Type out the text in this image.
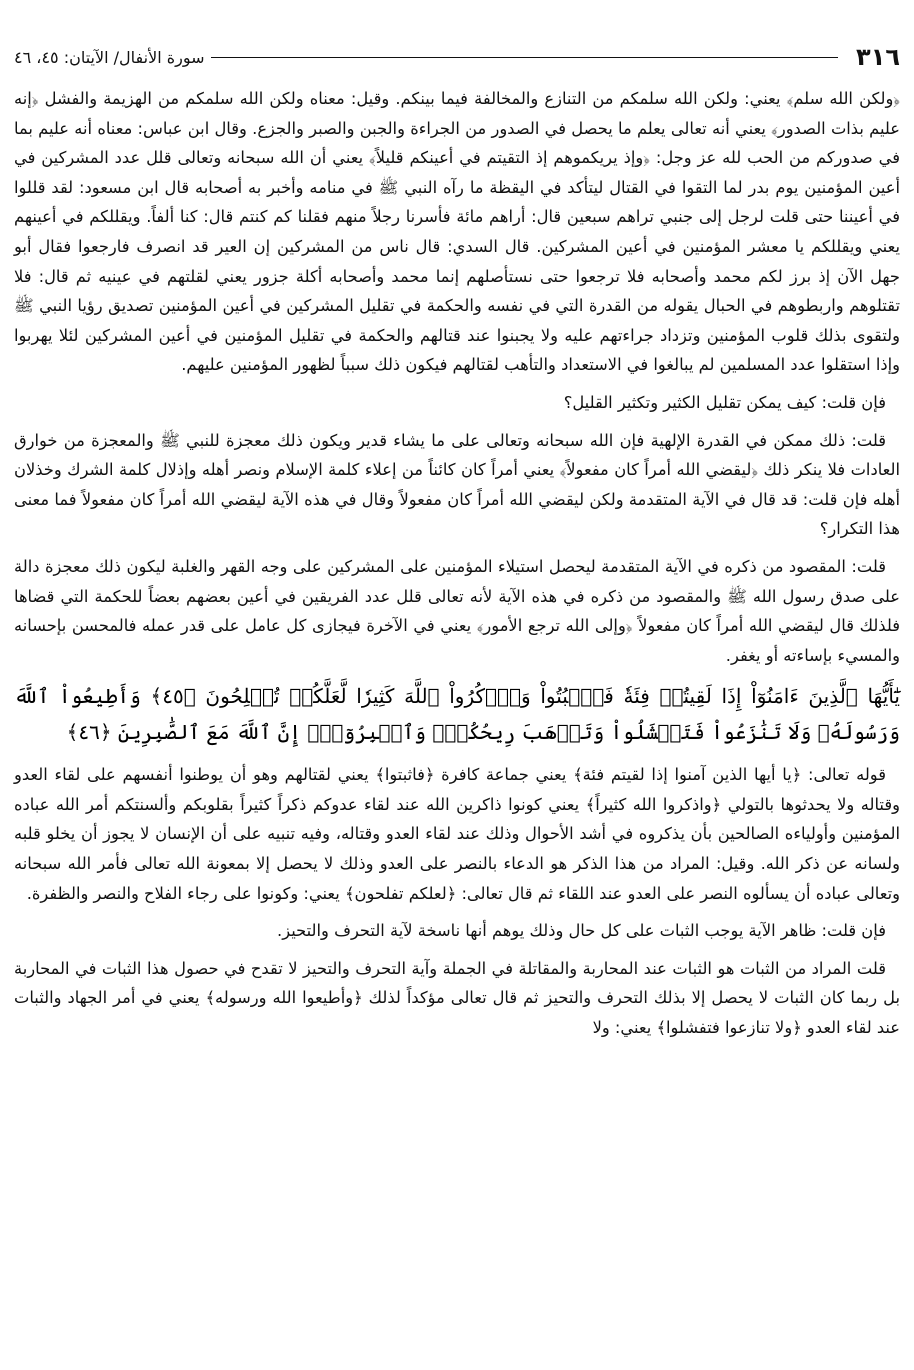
٣١٦
سورة الأنفال/ الآيتان: ٤٥، ٤٦

﴿ولكن الله سلم﴾ يعني: ولكن الله سلمكم من التنازع والمخالفة فيما بينكم. وقيل: معناه ولكن الله سلمكم من الهزيمة والفشل ﴿إنه عليم بذات الصدور﴾ يعني أنه تعالى يعلم ما يحصل في الصدور من الجراءة والجبن والصبر والجزع. وقال ابن عباس: معناه أنه عليم بما في صدوركم من الحب لله عز وجل: ﴿وإذ يريكموهم إذ التقيتم في أعينكم قليلاً﴾ يعني أن الله سبحانه وتعالى قلل عدد المشركين في أعين المؤمنين يوم بدر لما التقوا في القتال ليتأكد في اليقظة ما رآه النبي ﷺ في منامه وأخبر به أصحابه قال ابن مسعود: لقد قللوا في أعيننا حتى قلت لرجل إلى جنبي تراهم سبعين قال: أراهم مائة فأسرنا رجلاً منهم فقلنا كم كنتم قال: كنا ألفاً. ويقللكم في أعينهم يعني ويقللكم يا معشر المؤمنين في أعين المشركين. قال السدي: قال ناس من المشركين إن العير قد انصرف فارجعوا فقال أبو جهل الآن إذ برز لكم محمد وأصحابه فلا ترجعوا حتى نستأصلهم إنما محمد وأصحابه أكلة جزور يعني لقلتهم في عينيه ثم قال: فلا تقتلوهم واربطوهم في الحبال يقوله من القدرة التي في نفسه والحكمة في تقليل المشركين في أعين المؤمنين تصديق رؤيا النبي ﷺ ولتقوى بذلك قلوب المؤمنين وتزداد جراءتهم عليه ولا يجبنوا عند قتالهم والحكمة في تقليل المؤمنين في أعين المشركين لئلا يهربوا وإذا استقلوا عدد المسلمين لم يبالغوا في الاستعداد والتأهب لقتالهم فيكون ذلك سبباً لظهور المؤمنين عليهم.

فإن قلت: كيف يمكن تقليل الكثير وتكثير القليل؟

قلت: ذلك ممكن في القدرة الإلهية فإن الله سبحانه وتعالى على ما يشاء قدير ويكون ذلك معجزة للنبي ﷺ والمعجزة من خوارق العادات فلا ينكر ذلك ﴿ليقضي الله أمراً كان مفعولاً﴾ يعني أمراً كان كائناً من إعلاء كلمة الإسلام ونصر أهله وإذلال كلمة الشرك وخذلان أهله فإن قلت: قد قال في الآية المتقدمة ولكن ليقضي الله أمراً كان مفعولاً وقال في هذه الآية ليقضي الله أمراً كان مفعولاً فما معنى هذا التكرار؟

قلت: المقصود من ذكره في الآية المتقدمة ليحصل استيلاء المؤمنين على المشركين على وجه القهر والغلبة ليكون ذلك معجزة دالة على صدق رسول الله ﷺ والمقصود من ذكره في هذه الآية لأنه تعالى قلل عدد الفريقين في أعين بعضهم بعضاً للحكمة التي قضاها فلذلك قال ليقضي الله أمراً كان مفعولاً ﴿وإلى الله ترجع الأمور﴾ يعني في الآخرة فيجازى كل عامل على قدر عمله فالمحسن بإحسانه والمسيء بإساءته أو يغفر.

يَٰٓأَيُّهَا ٱلَّذِينَ ءَامَنُوٓاْ إِذَا لَقِيتُمۡ فِئَةٗ فَٱثۡبُتُواْ وَٱذۡكُرُواْ ٱللَّهَ كَثِيرٗا لَّعَلَّكُمۡ تُفۡلِحُونَ ﴿٤٥﴾ وَأَطِيعُواْ ٱللَّهَ وَرَسُولَهُۥ وَلَا تَنَٰزَعُواْ فَتَفۡشَلُواْ وَتَذۡهَبَ رِيحُكُمۡۖ وَٱصۡبِرُوٓاْۚ إِنَّ ٱللَّهَ مَعَ ٱلصَّٰبِرِينَ ﴿٤٦﴾

قوله تعالى: ﴿يا أيها الذين آمنوا إذا لقيتم فئة﴾ يعني جماعة كافرة ﴿فاثبتوا﴾ يعني لقتالهم وهو أن يوطنوا أنفسهم على لقاء العدو وقتاله ولا يحدثوها بالتولي ﴿واذكروا الله كثيراً﴾ يعني كونوا ذاكرين الله عند لقاء عدوكم ذكراً كثيراً بقلوبكم وألسنتكم أمر الله عباده المؤمنين وأولياءه الصالحين بأن يذكروه في أشد الأحوال وذلك عند لقاء العدو وقتاله، وفيه تنبيه على أن الإنسان لا يجوز أن يخلو قلبه ولسانه عن ذكر الله. وقيل: المراد من هذا الذكر هو الدعاء بالنصر على العدو وذلك لا يحصل إلا بمعونة الله تعالى فأمر الله سبحانه وتعالى عباده أن يسألوه النصر على العدو عند اللقاء ثم قال تعالى: ﴿لعلكم تفلحون﴾ يعني: وكونوا على رجاء الفلاح والنصر والظفرة.

فإن قلت: ظاهر الآية يوجب الثبات على كل حال وذلك يوهم أنها ناسخة لآية التحرف والتحيز.

قلت المراد من الثبات هو الثبات عند المحاربة والمقاتلة في الجملة وآية التحرف والتحيز لا تقدح في حصول هذا الثبات في المحاربة بل ربما كان الثبات لا يحصل إلا بذلك التحرف والتحيز ثم قال تعالى مؤكداً لذلك ﴿وأطيعوا الله ورسوله﴾ يعني في أمر الجهاد والثبات عند لقاء العدو ﴿ولا تنازعوا فتفشلوا﴾ يعني: ولا
